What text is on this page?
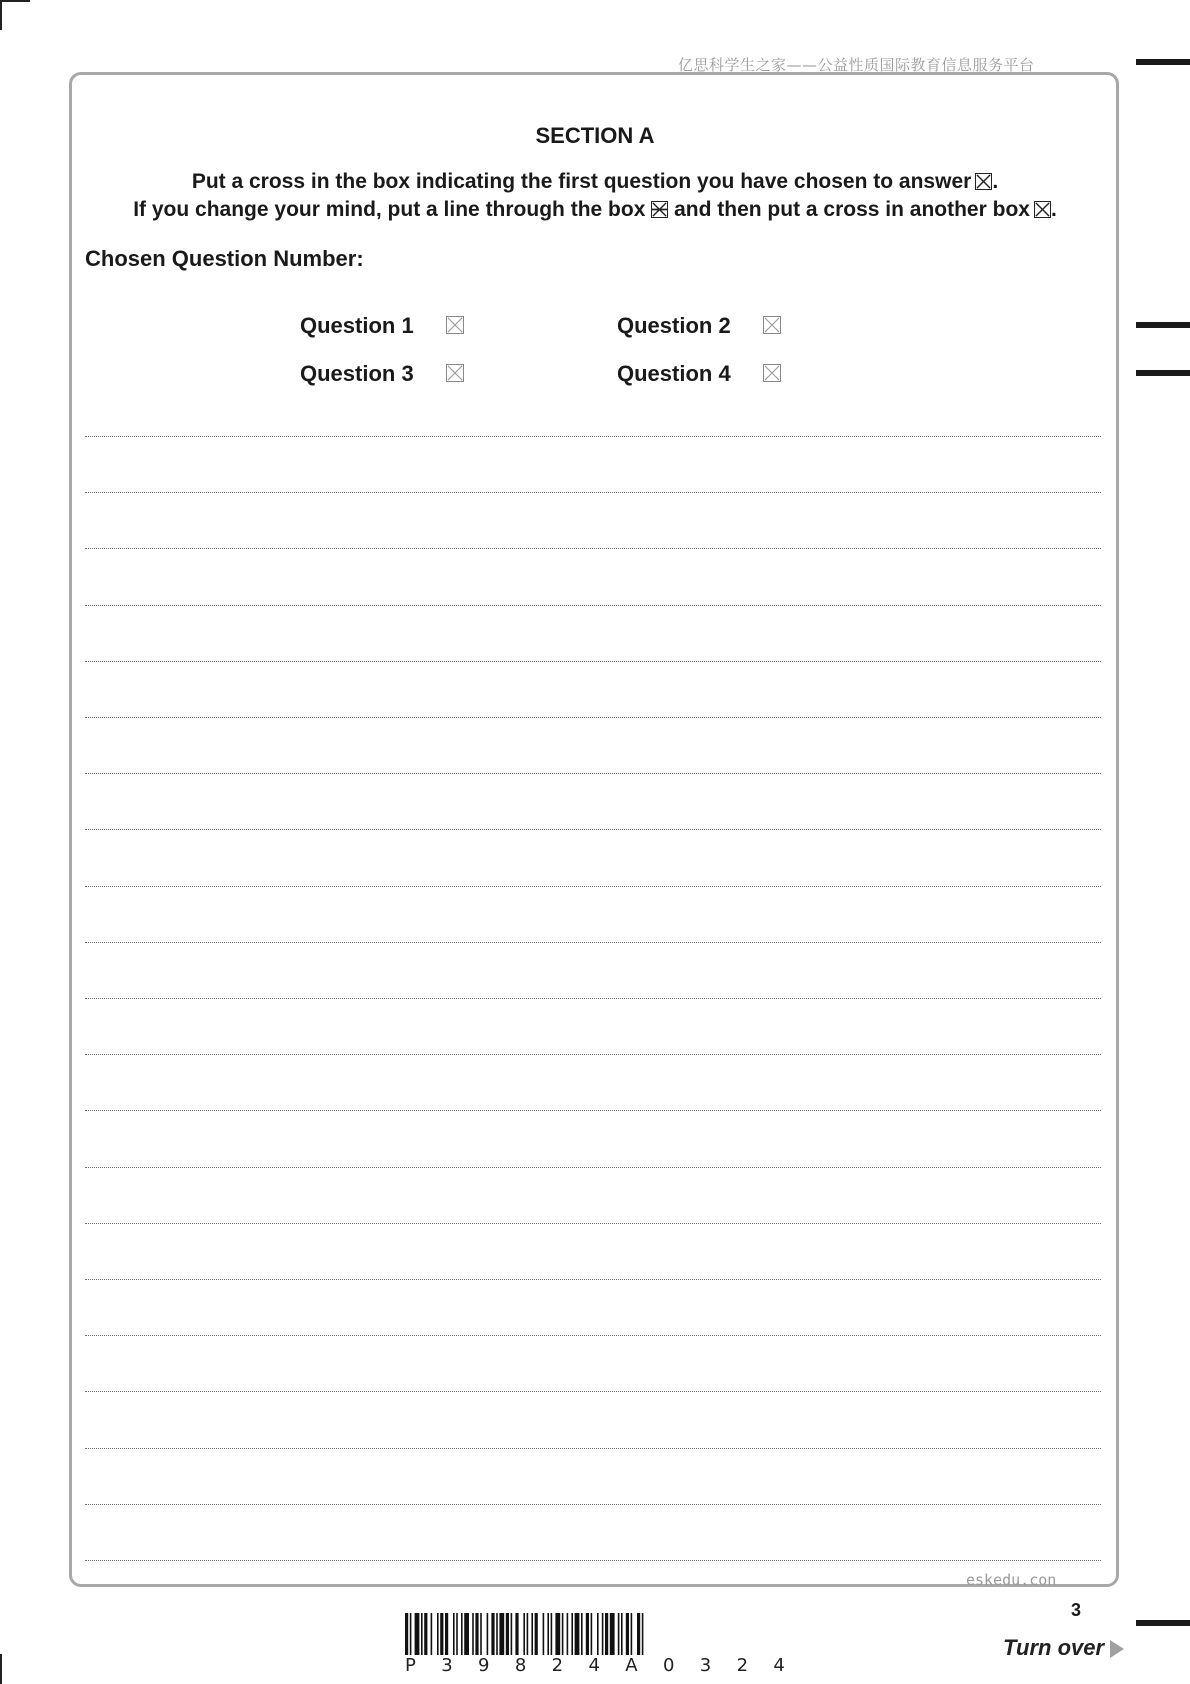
亿思科学生之家——公益性质国际教育信息服务平台
SECTION A
Put a cross in the box indicating the first question you have chosen to answer ☒.
If you change your mind, put a line through the box and then put a cross in another box ☒.
Chosen Question Number:
Question 1	Question 2
Question 3	Question 4
eskedu.con
3
Turn over
P 3 9 8 2 4 A 0 3 2 4
